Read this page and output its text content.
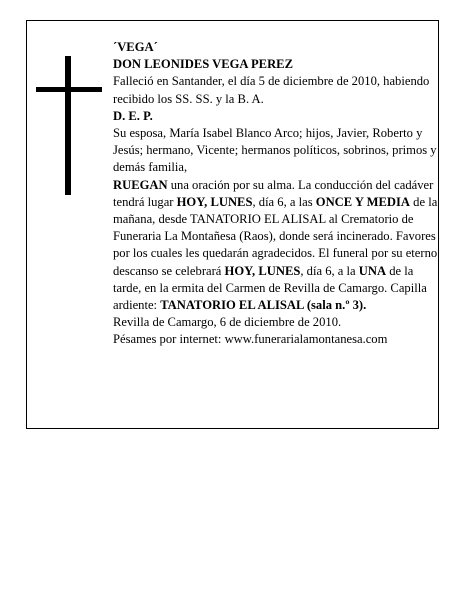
´VEGA´

DON LEONIDES VEGA PEREZ

Falleció en Santander, el día 5 de diciembre de 2010, habiendo recibido los SS. SS. y la B. A.

D. E. P.

Su esposa, María Isabel Blanco Arco; hijos, Javier, Roberto y Jesús; hermano, Vicente; hermanos políticos, sobrinos, primos y demás familia,

RUEGAN una oración por su alma. La conducción del cadáver tendrá lugar HOY, LUNES, día 6, a las ONCE Y MEDIA de la mañana, desde TANATORIO EL ALISAL al Crematorio de Funeraria La Montañesa (Raos), donde será incinerado. Favores por los cuales les quedarán agradecidos. El funeral por su eterno descanso se celebrará HOY, LUNES, día 6, a la UNA de la tarde, en la ermita del Carmen de Revilla de Camargo. Capilla ardiente: TANATORIO EL ALISAL (sala n.º 3).

Revilla de Camargo, 6 de diciembre de 2010.

Pésames por internet: www.funerarialamontanesa.com
